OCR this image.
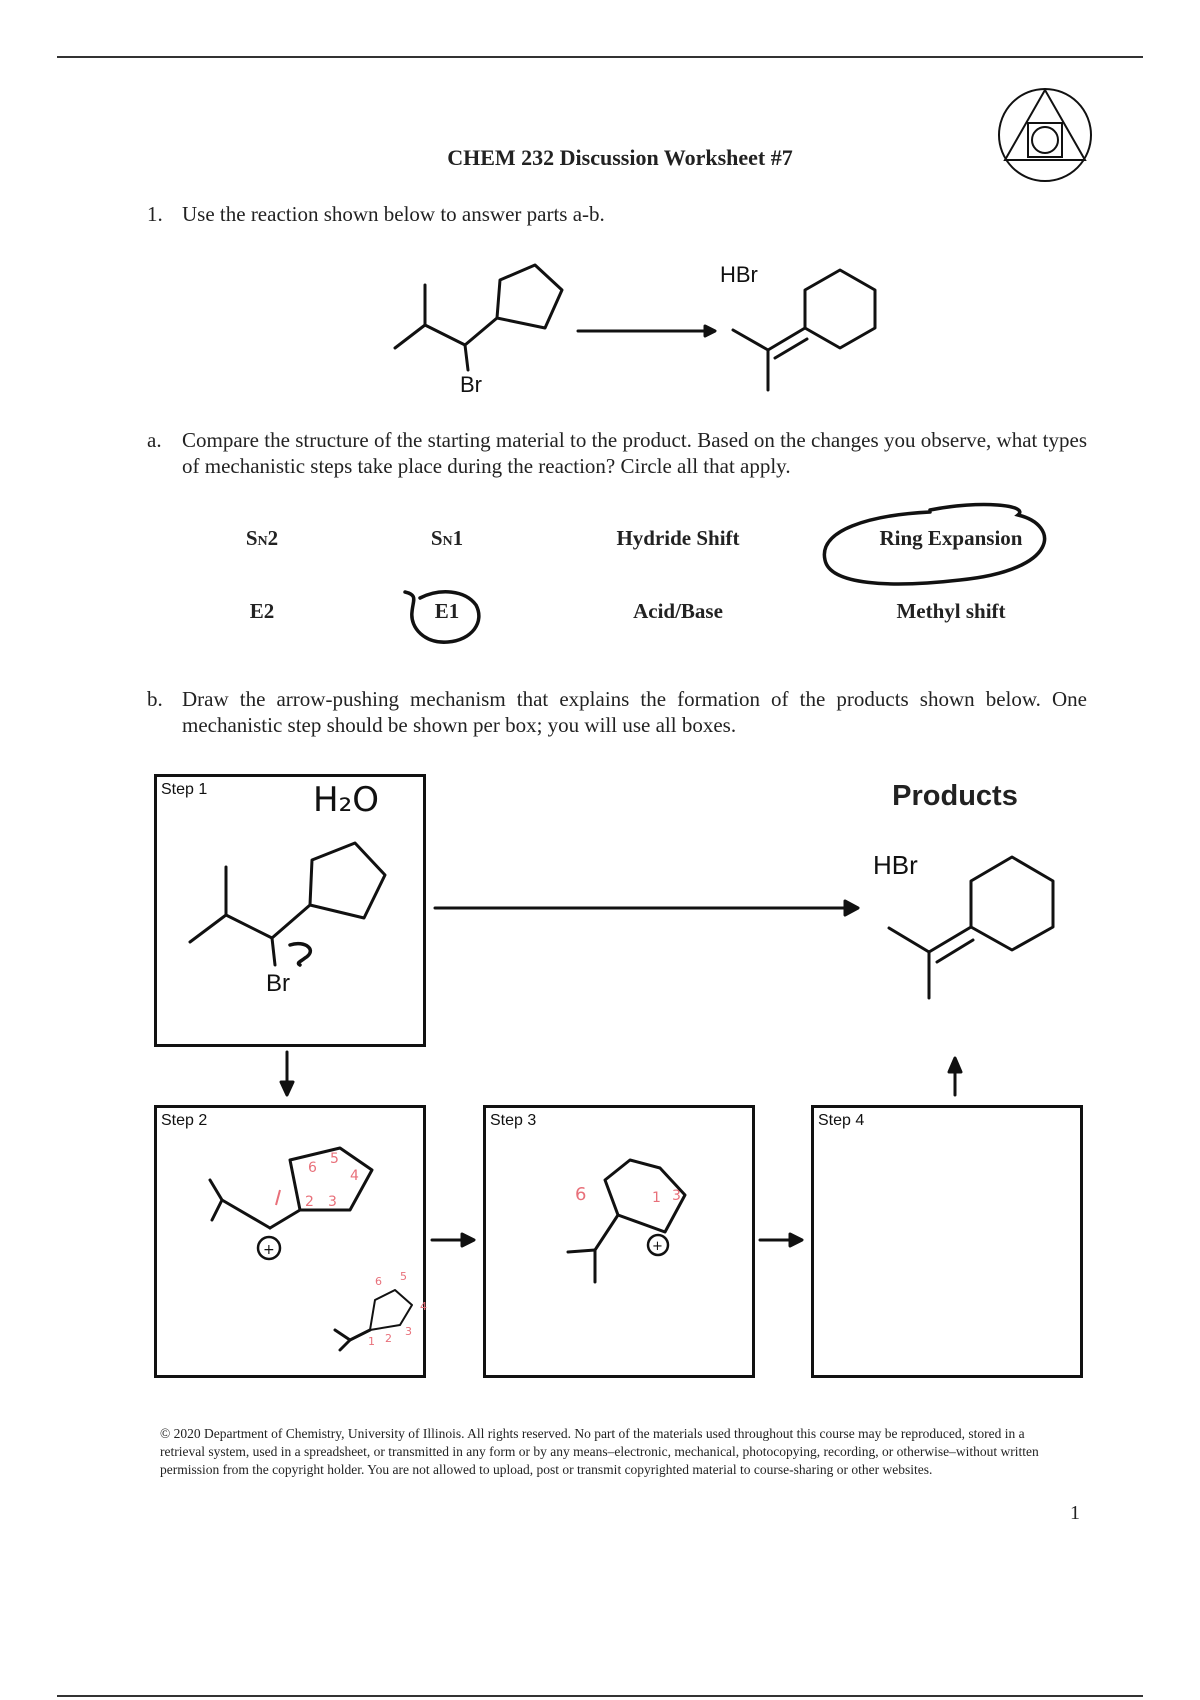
CHEM 232 Discussion Worksheet #7
1. Use the reaction shown below to answer parts a-b.
HBr
Br
a. Compare the structure of the starting material to the product. Based on the changes you observe, what types of mechanistic steps take place during the reaction? Circle all that apply.
SN2	SN1	Hydride Shift	Ring Expansion
E2	E1	Acid/Base	Methyl shift
b. Draw the arrow-pushing mechanism that explains the formation of the products shown below. One mechanistic step should be shown per box; you will use all boxes.
Step 1
Step 2	Step 3	Step 4
Br
H₂O	Products
HBr
+	+
6
5
4
2 3
6 5
4
1 2
3
6	1 3
© 2020 Department of Chemistry, University of Illinois. All rights reserved. No part of the materials used throughout this course may be reproduced, stored in a retrieval system, used in a spreadsheet, or transmitted in any form or by any means–electronic, mechanical, photocopying, recording, or otherwise–without written permission from the copyright holder. You are not allowed to upload, post or transmit copyrighted material to course-sharing or other websites.
1
